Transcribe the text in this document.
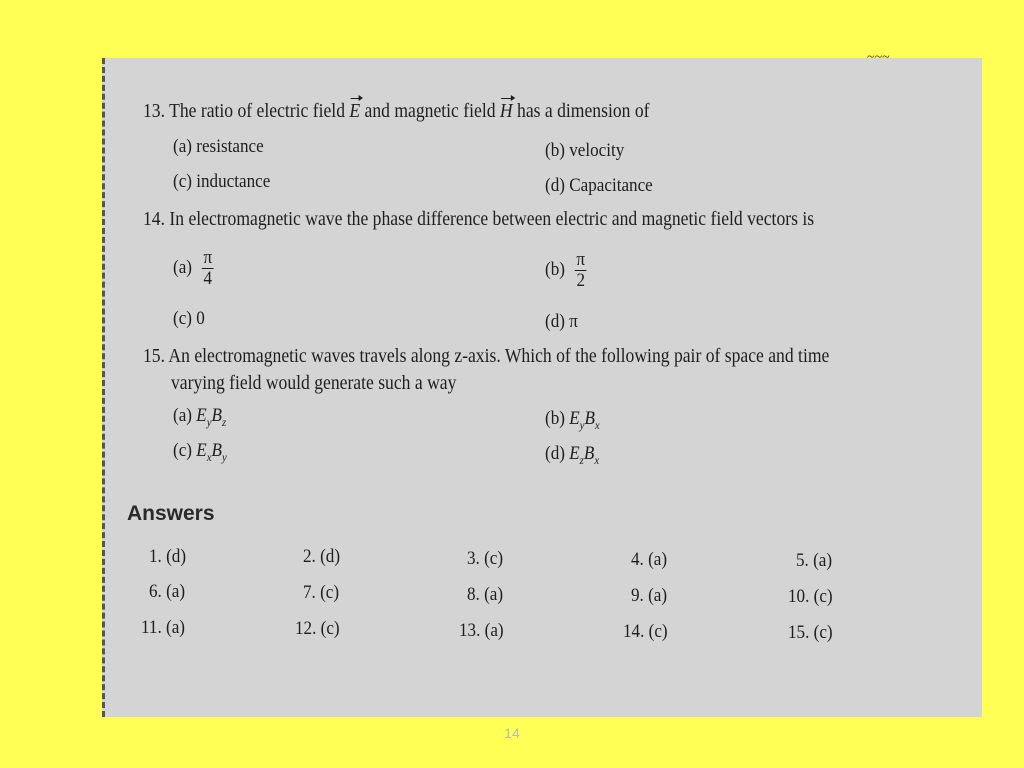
~~~
13. The ratio of electric field E and magnetic field H has a dimension of
(a) resistance	(b) velocity
(c) inductance	(d) Capacitance
14. In electromagnetic wave the phase difference between electric and magnetic field vectors is
$(a) \frac{\pi}{4}$	$(b) \frac{\pi}{2}$
(c) 0	(d) π
15. An electromagnetic waves travels along z-axis. Which of the following pair of space and time
varying field would generate such a way
(a) $E_yB_z$	(b) $E_yB_x$
(c) $E_xB_y$	(d) $E_zB_x$
Answers
1. (d)	2. (d)	3. (c)	4. (a)	5. (a)
6. (a)	7. (c)	8. (a)	9. (a)	10. (c)
11. (a)	12. (c)	13. (a)	14. (c)	15. (c)
14
